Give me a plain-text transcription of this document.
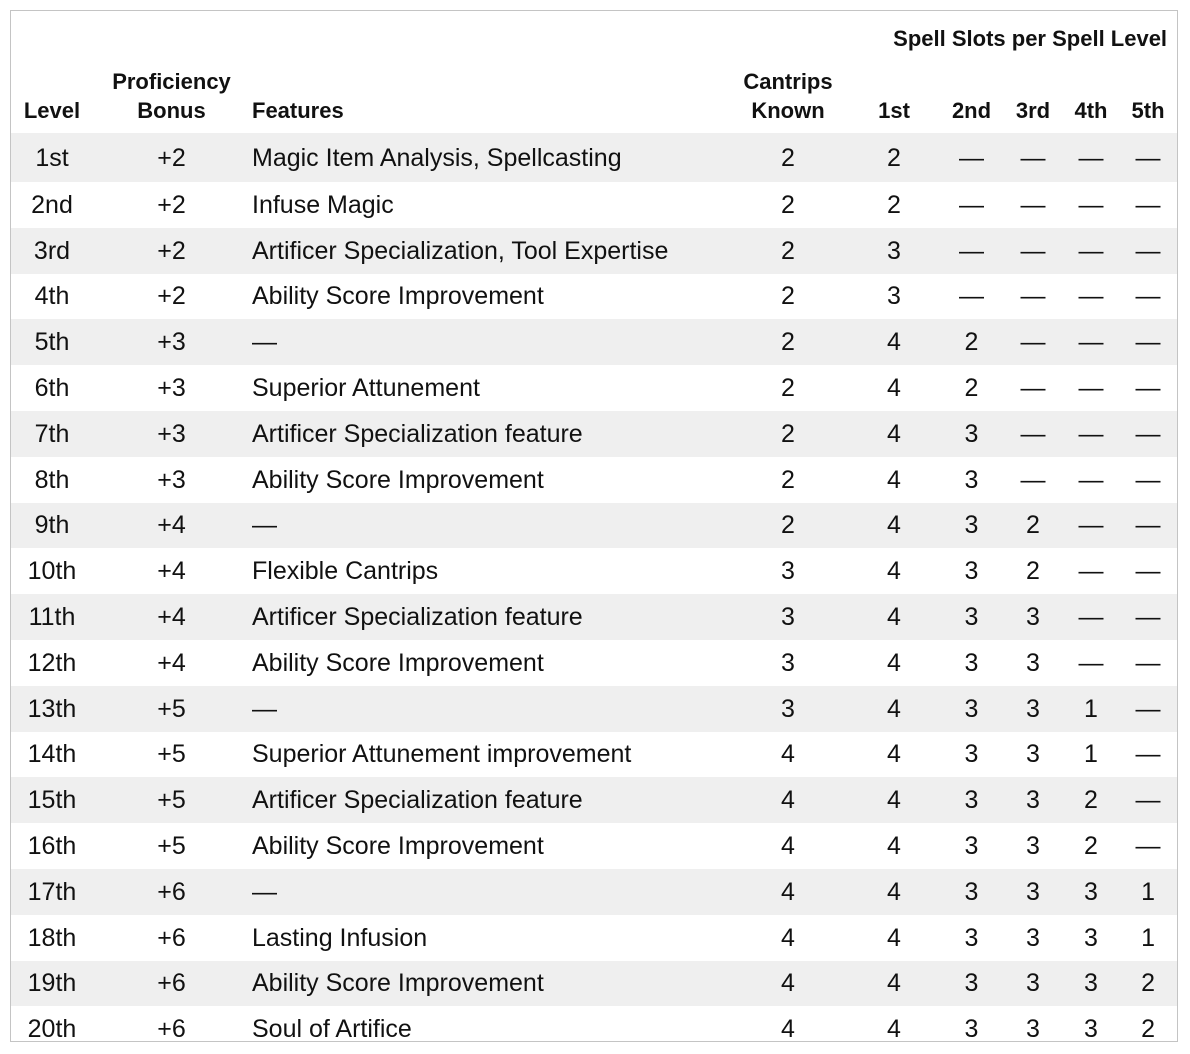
				Spell Slots per Spell Level				
Level	Proficiency Bonus	Features	Cantrips Known	1st	2nd	3rd	4th	5th
1st	+2	Magic Item Analysis, Spellcasting	2	2	—	—	—	—
2nd	+2	Infuse Magic	2	2	—	—	—	—
3rd	+2	Artificer Specialization, Tool Expertise	2	3	—	—	—	—
4th	+2	Ability Score Improvement	2	3	—	—	—	—
5th	+3	—	2	4	2	—	—	—
6th	+3	Superior Attunement	2	4	2	—	—	—
7th	+3	Artificer Specialization feature	2	4	3	—	—	—
8th	+3	Ability Score Improvement	2	4	3	—	—	—
9th	+4	—	2	4	3	2	—	—
10th	+4	Flexible Cantrips	3	4	3	2	—	—
11th	+4	Artificer Specialization feature	3	4	3	3	—	—
12th	+4	Ability Score Improvement	3	4	3	3	—	—
13th	+5	—	3	4	3	3	1	—
14th	+5	Superior Attunement improvement	4	4	3	3	1	—
15th	+5	Artificer Specialization feature	4	4	3	3	2	—
16th	+5	Ability Score Improvement	4	4	3	3	2	—
17th	+6	—	4	4	3	3	3	1
18th	+6	Lasting Infusion	4	4	3	3	3	1
19th	+6	Ability Score Improvement	4	4	3	3	3	2
20th	+6	Soul of Artifice	4	4	3	3	3	2
